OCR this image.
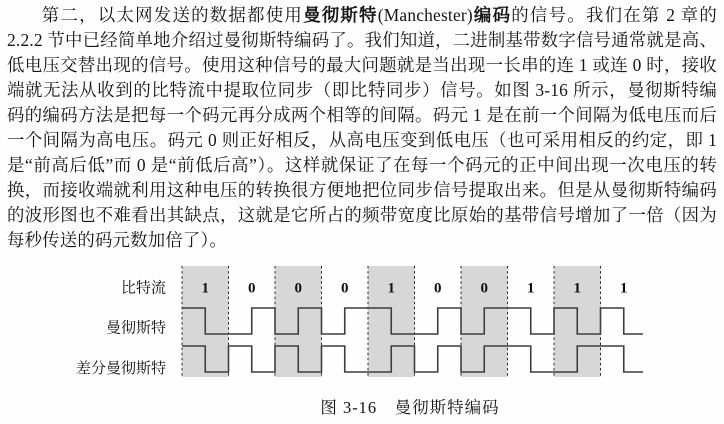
第二，以太网发送的数据都使用曼彻斯特(Manchester)编码的信号。我们在第 2 章的 2.2.2 节中已经简单地介绍过曼彻斯特编码了。我们知道，二进制基带数字信号通常就是高、低电压交替出现的信号。使用这种信号的最大问题就是当出现一长串的连 1 或连 0 时，接收端就无法从收到的比特流中提取位同步（即比特同步）信号。如图 3-16 所示，曼彻斯特编码的编码方法是把每一个码元再分成两个相等的间隔。码元 1 是在前一个间隔为低电压而后一个间隔为高电压。码元 0 则正好相反，从高电压变到低电压（也可采用相反的约定，即 1 是“前高后低”而 0 是“前低后高”）。这样就保证了在每一个码元的正中间出现一次电压的转换，而接收端就利用这种电压的转换很方便地把位同步信号提取出来。但是从曼彻斯特编码的波形图也不难看出其缺点，这就是它所占的频带宽度比原始的基带信号增加了一倍（因为每秒传送的码元数加倍了）。

1	0	0	0	1	0	0	1	1	1
比特流
曼彻斯特
差分曼彻斯特
图 3-16　曼彻斯特编码
